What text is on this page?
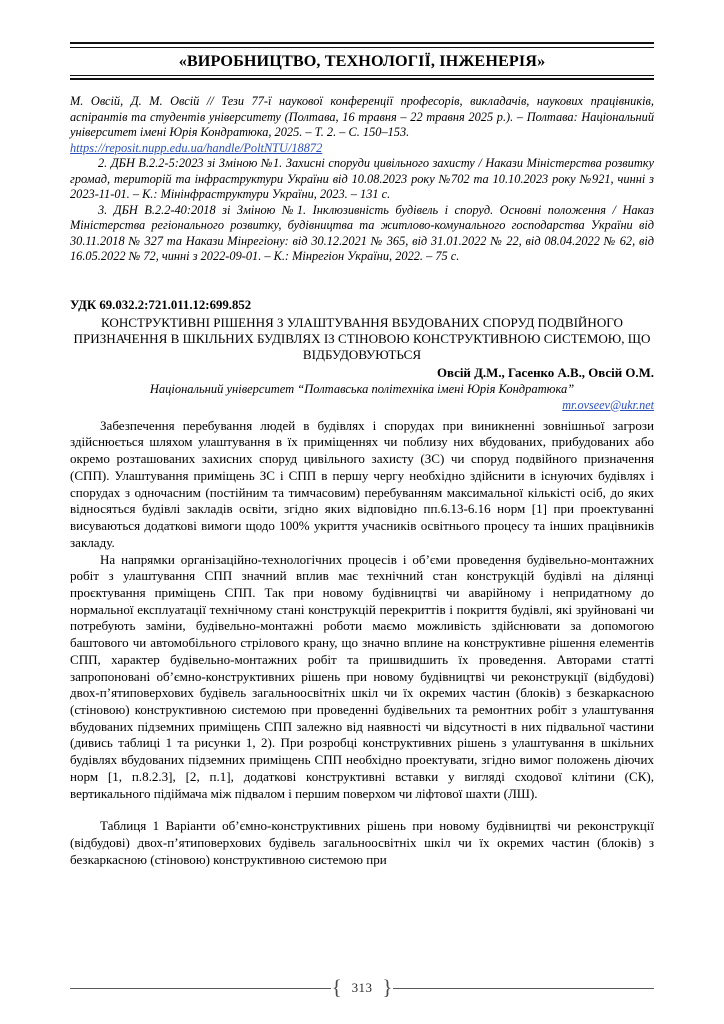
«ВИРОБНИЦТВО, ТЕХНОЛОГІЇ, ІНЖЕНЕРІЯ»

М. Овсій, Д. М. Овсій // Тези 77-ї наукової конференції професорів, викладачів, наукових працівників, аспірантів та студентів університету (Полтава, 16 травня – 22 травня 2025 р.). – Полтава: Національний університет імені Юрія Кондратюка, 2025. – Т. 2. – С. 150–153.

https://reposit.nupp.edu.ua/handle/PoltNTU/18872

2. ДБН В.2.2-5:2023 зі Зміною №1. Захисні споруди цивільного захисту / Накази Міністерства розвитку громад, територій та інфраструктури України від 10.08.2023 року №702 та 10.10.2023 року №921, чинні з 2023-11-01. – К.: Мінінфраструктури України, 2023. – 131 с.

3. ДБН В.2.2-40:2018 зі Зміною №1. Інклюзивність будівель і споруд. Основні положення / Наказ Міністерства регіонального розвитку, будівництва та житлово-комунального господарства України від 30.11.2018 № 327 та Накази Мінрегіону: від 30.12.2021 № 365, від 31.01.2022 № 22, від 08.04.2022 № 62, від 16.05.2022 № 72, чинні з 2022-09-01. – К.: Мінрегіон України, 2022. – 75 с.

УДК 69.032.2:721.011.12:699.852
КОНСТРУКТИВНІ РІШЕННЯ З УЛАШТУВАННЯ ВБУДОВАНИХ СПОРУД ПОДВІЙНОГО ПРИЗНАЧЕННЯ В ШКІЛЬНИХ БУДІВЛЯХ ІЗ СТІНОВОЮ КОНСТРУКТИВНОЮ СИСТЕМОЮ, ЩО ВІДБУДОВУЮТЬСЯ
Овсій Д.М., Гасенко А.В., Овсій О.М.
Національний університет “Полтавська політехніка імені Юрія Кондратюка”
mr.ovseev@ukr.net

Забезпечення перебування людей в будівлях і спорудах при виникненні зовнішньої загрози здійснюється шляхом улаштування в їх приміщеннях чи поблизу них вбудованих, прибудованих або окремо розташованих захисних споруд цивільного захисту (ЗС) чи споруд подвійного призначення (СПП). Улаштування приміщень ЗС і СПП в першу чергу необхідно здійснити в існуючих будівлях і спорудах з одночасним (постійним та тимчасовим) перебуванням максимальної кількісті осіб, до яких відносяться будівлі закладів освіти, згідно яких відповідно пп.6.13-6.16 норм [1] при проектуванні висуваються додаткові вимоги щодо 100% укриття учасників освітнього процесу та інших працівників закладу.

На напрямки організаційно-технологічних процесів і об’єми проведення будівельно-монтажних робіт з улаштування СПП значний вплив має технічний стан конструкцій будівлі на ділянці проєктування приміщень СПП. Так при новому будівництві чи аварійному і непридатному до нормальної експлуатації технічному стані конструкцій перекриттів і покриття будівлі, які зруйновані чи потребують заміни, будівельно-монтажні роботи маємо можливість здійснювати за допомогою баштового чи автомобільного стрілового крану, що значно вплине на конструктивне рішення елементів СПП, характер будівельно-монтажних робіт та пришвидшить їх проведення. Авторами статті запропоновані об’ємно-конструктивних рішень при новому будівництві чи реконструкції (відбудові) двох-п’ятиповерхових будівель загальноосвітніх шкіл чи їх окремих частин (блоків) з безкаркасною (стіновою) конструктивною системою при проведенні будівельних та ремонтних робіт з улаштування вбудованих підземних приміщень СПП залежно від наявності чи відсутності в них підвальної частини (дивись таблиці 1 та рисунки 1, 2). При розробці конструктивних рішень з улаштування в шкільних будівлях вбудованих підземних приміщень СПП необхідно проектувати, згідно вимог положень діючих норм [1, п.8.2.3], [2, п.1], додаткові конструктивні вставки у вигляді сходової клітини (СК), вертикального підіймача між підвалом і першим поверхом чи ліфтової шахти (ЛШ).

Таблиця 1 Варіанти об’ємно-конструктивних рішень при новому будівництві чи реконструкції (відбудові) двох-п’ятиповерхових будівель загальноосвітніх шкіл чи їх окремих частин (блоків) з безкаркасною (стіновою) конструктивною системою при

{ 313 }
